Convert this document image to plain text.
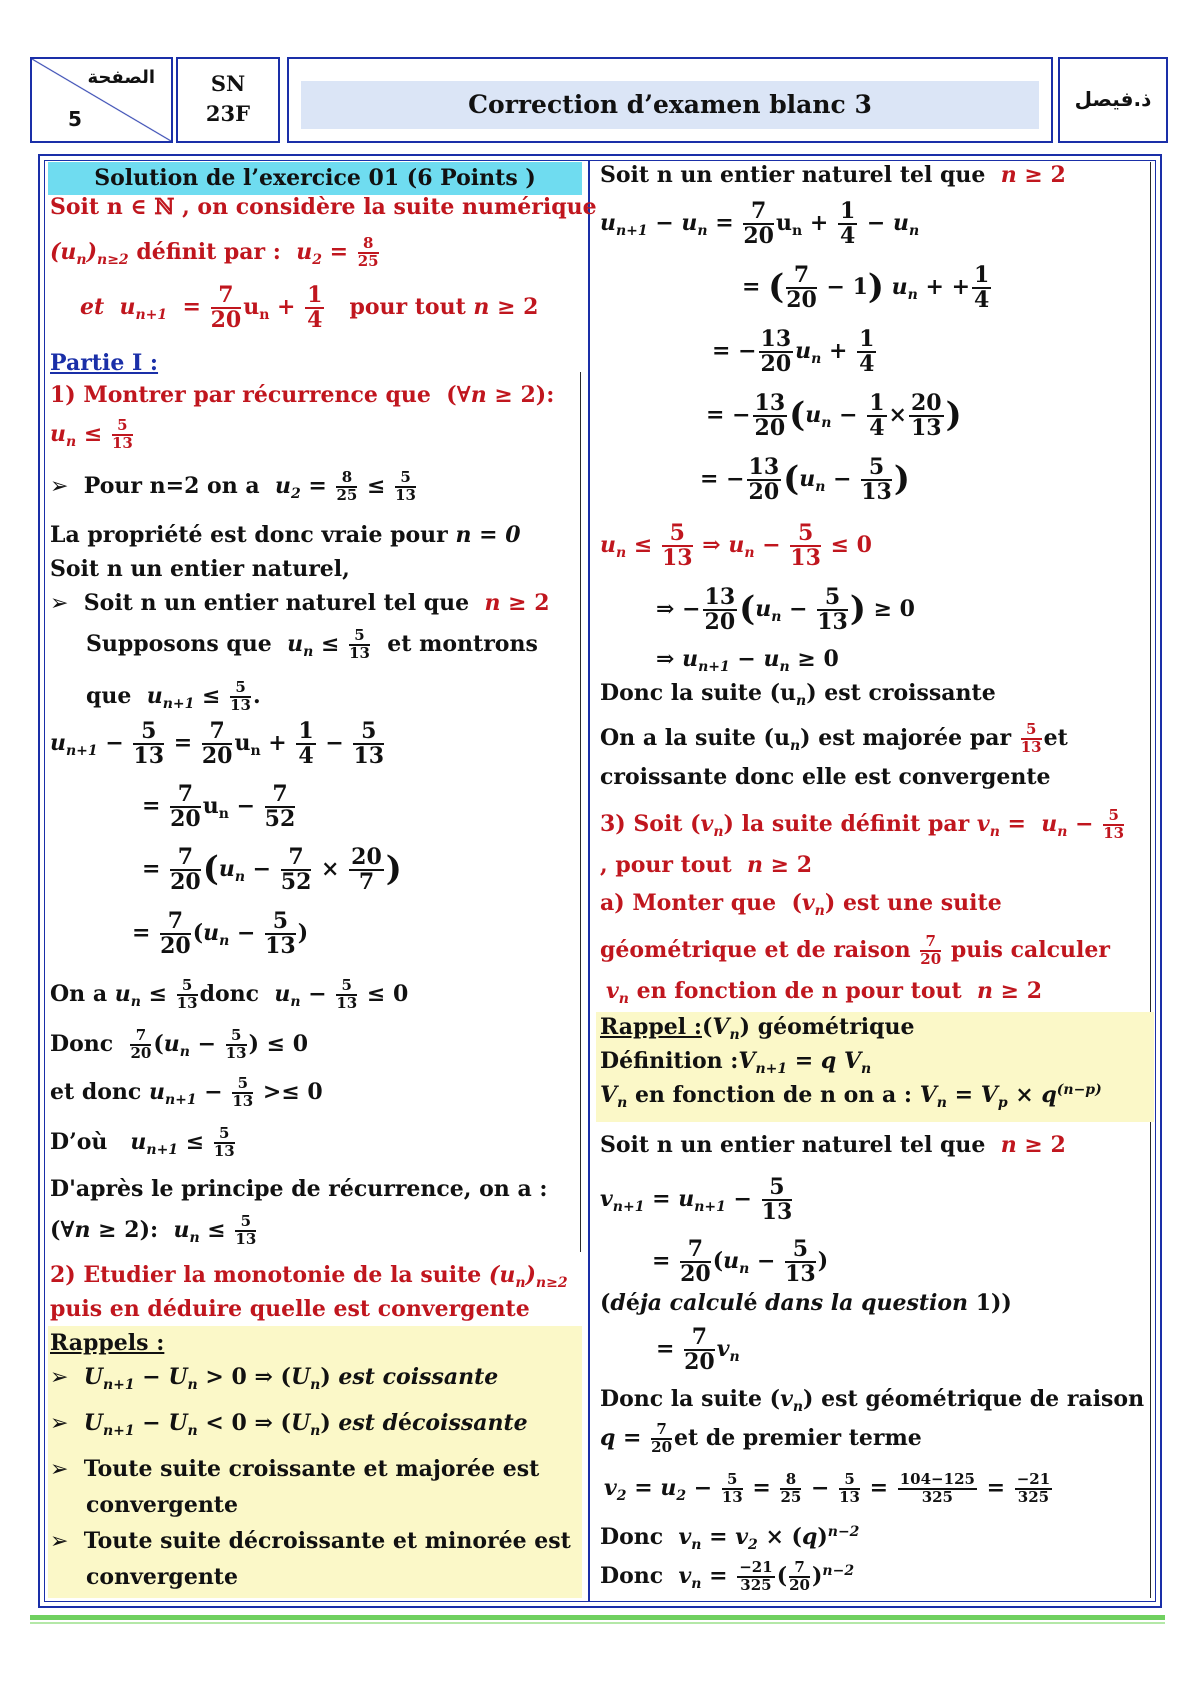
الصفحة
5
SN
23F	Correction d’examen blanc 3	ذ.فيصل
Solution de l’exercice 01 (6 Points )
Soit n ∈ ℕ , on considère la suite numérique
$(u_n)_{n\ge 2}$ définit par : $u_2 = \frac{8}{25}$
et $u_{n+1} = \frac{7}{20} u_n + \frac{1}{4}$ pour tout n ≥ 2
Partie I :
1) Montrer par récurrence que  (∀n ≥ 2):
$u_n \le \frac{5}{13}$
➢ Pour n=2 on a $u_2 = \frac{8}{25} \le \frac{5}{13}$
La propriété est donc vraie pour n = 0
Soit n un entier naturel,
➢ Soit n un entier naturel tel que n ≥ 2
Supposons que $u_n \le \frac{5}{13}$ et montrons
que $u_{n+1} \le \frac{5}{13}$ .
$u_{n+1} - \frac{5}{13} = \frac{7}{20} u_n + \frac{1}{4} - \frac{5}{13}$
= $\frac{7}{20} u_n - \frac{7}{52}$
= $\frac{7}{20} (u_n - \frac{7}{52} \times \frac{20}{7}$ )
= $\frac{7}{20} (u_n - \frac{5}{13}$ )
On a $u_n \le \frac{5}{13}$ donc $u_n - \frac{5}{13} \le 0$
Donc $\frac{7}{20} (u_n - \frac{5}{13}$ ) ≤ 0
et donc $u_{n+1} - \frac{5}{13} >\le 0$
D’où $u_{n+1} \le \frac{5}{13}$
D'après le principe de récurrence, on a :
(∀n ≥ 2):  $u_n \le \frac{5}{13}$
2) Etudier la monotonie de la suite $(u_n)_{n\ge 2}$
puis en déduire quelle est convergente
Rappels :
➢ $U_{n+1} - U_n > 0$ ⇒ $(U_n)$ est coissante
➢ $U_{n+1} - U_n < 0$ ⇒ $(U_n)$ est décoissante
➢ Toute suite croissante et majorée est
convergente
➢ Toute suite décroissante et minorée est
convergente
Soit n un entier naturel tel que n ≥ 2
$u_{n+1} - u_n = \frac{7}{20} u_n + \frac{1}{4} - u_n$
= ( $\frac{7}{20} - 1$) $u_n$ + + $\frac{1}{4}$
= − $\frac{13}{20} u_n + \frac{1}{4}$
= − $\frac{13}{20} (u_n - \frac{1}{4} \times \frac{20}{13}$ )
= − $\frac{13}{20} (u_n - \frac{5}{13}$ )
$u_n \le \frac{5}{13}$ ⇒ $u_n - \frac{5}{13} \le 0$
⇒ − $\frac{13}{20} (u_n - \frac{5}{13}$ ) ≥ 0
⇒ $u_{n+1} - u_n \ge 0$
Donc la suite $(u_n)$ est croissante
On a la suite $(u_n)$ est majorée par $\frac{5}{13}$ et
croissante donc elle est convergente
3) Soit $(v_n)$ la suite définit par $v_n = u_n - \frac{5}{13}$
, pour tout n ≥ 2
a) Monter que  $(v_n)$ est une suite
géométrique et de raison $\frac{7}{20}$ puis calculer
$v_n$ en fonction de n pour tout n ≥ 2
Rappel $:(V_n)$ géométrique
Définition $:V_{n+1} = q$ $V_n$
$V_n$ en fonction de n on a : $V_n = V_p \times q^{(n-p)}$
Soit n un entier naturel tel que n ≥ 2
$v_{n+1} = u_{n+1} - \frac{5}{13}$
= $\frac{7}{20} (u_n - \frac{5}{13}$ )
(déja calculé dans la question 1))
= $\frac{7}{20} v_n$
Donc la suite $(v_n)$ est géométrique de raison
$q = \frac{7}{20}$ et de premier terme
$v_2 = u_2 - \frac{5}{13} = \frac{8}{25} - \frac{5}{13} = \frac{104-125}{325} = \frac{-21}{325}$
Donc $v_n = v_2 \times (q)^{n-2}$
Donc $v_n = \frac{-21}{325}$ ( $\frac{7}{20} )^{n-2}$
